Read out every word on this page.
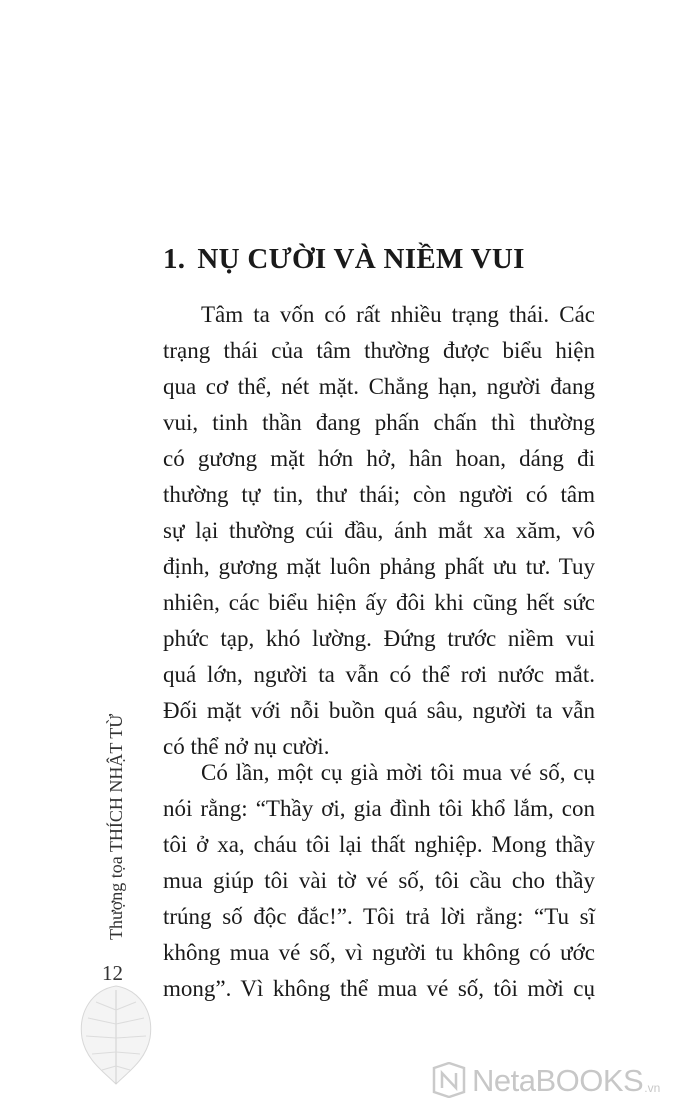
1. NỤ CƯỜI VÀ NIỀM VUI
Tâm ta vốn có rất nhiều trạng thái. Các
trạng thái của tâm thường được biểu hiện
qua cơ thể, nét mặt. Chẳng hạn, người đang
vui, tinh thần đang phấn chấn thì thường
có gương mặt hớn hở, hân hoan, dáng đi
thường tự tin, thư thái; còn người có tâm
sự lại thường cúi đầu, ánh mắt xa xăm, vô
định, gương mặt luôn phảng phất ưu tư. Tuy
nhiên, các biểu hiện ấy đôi khi cũng hết sức
phức tạp, khó lường. Đứng trước niềm vui
quá lớn, người ta vẫn có thể rơi nước mắt.
Đối mặt với nỗi buồn quá sâu, người ta vẫn
có thể nở nụ cười.
Có lần, một cụ già mời tôi mua vé số, cụ
nói rằng: “Thầy ơi, gia đình tôi khổ lắm, con
tôi ở xa, cháu tôi lại thất nghiệp. Mong thầy
mua giúp tôi vài tờ vé số, tôi cầu cho thầy
trúng số độc đắc!”. Tôi trả lời rằng: “Tu sĩ
không mua vé số, vì người tu không có ước
mong”. Vì không thể mua vé số, tôi mời cụ
Thượng tọa THÍCH NHẬT TỪ
12
NetaBOOKS .vn
